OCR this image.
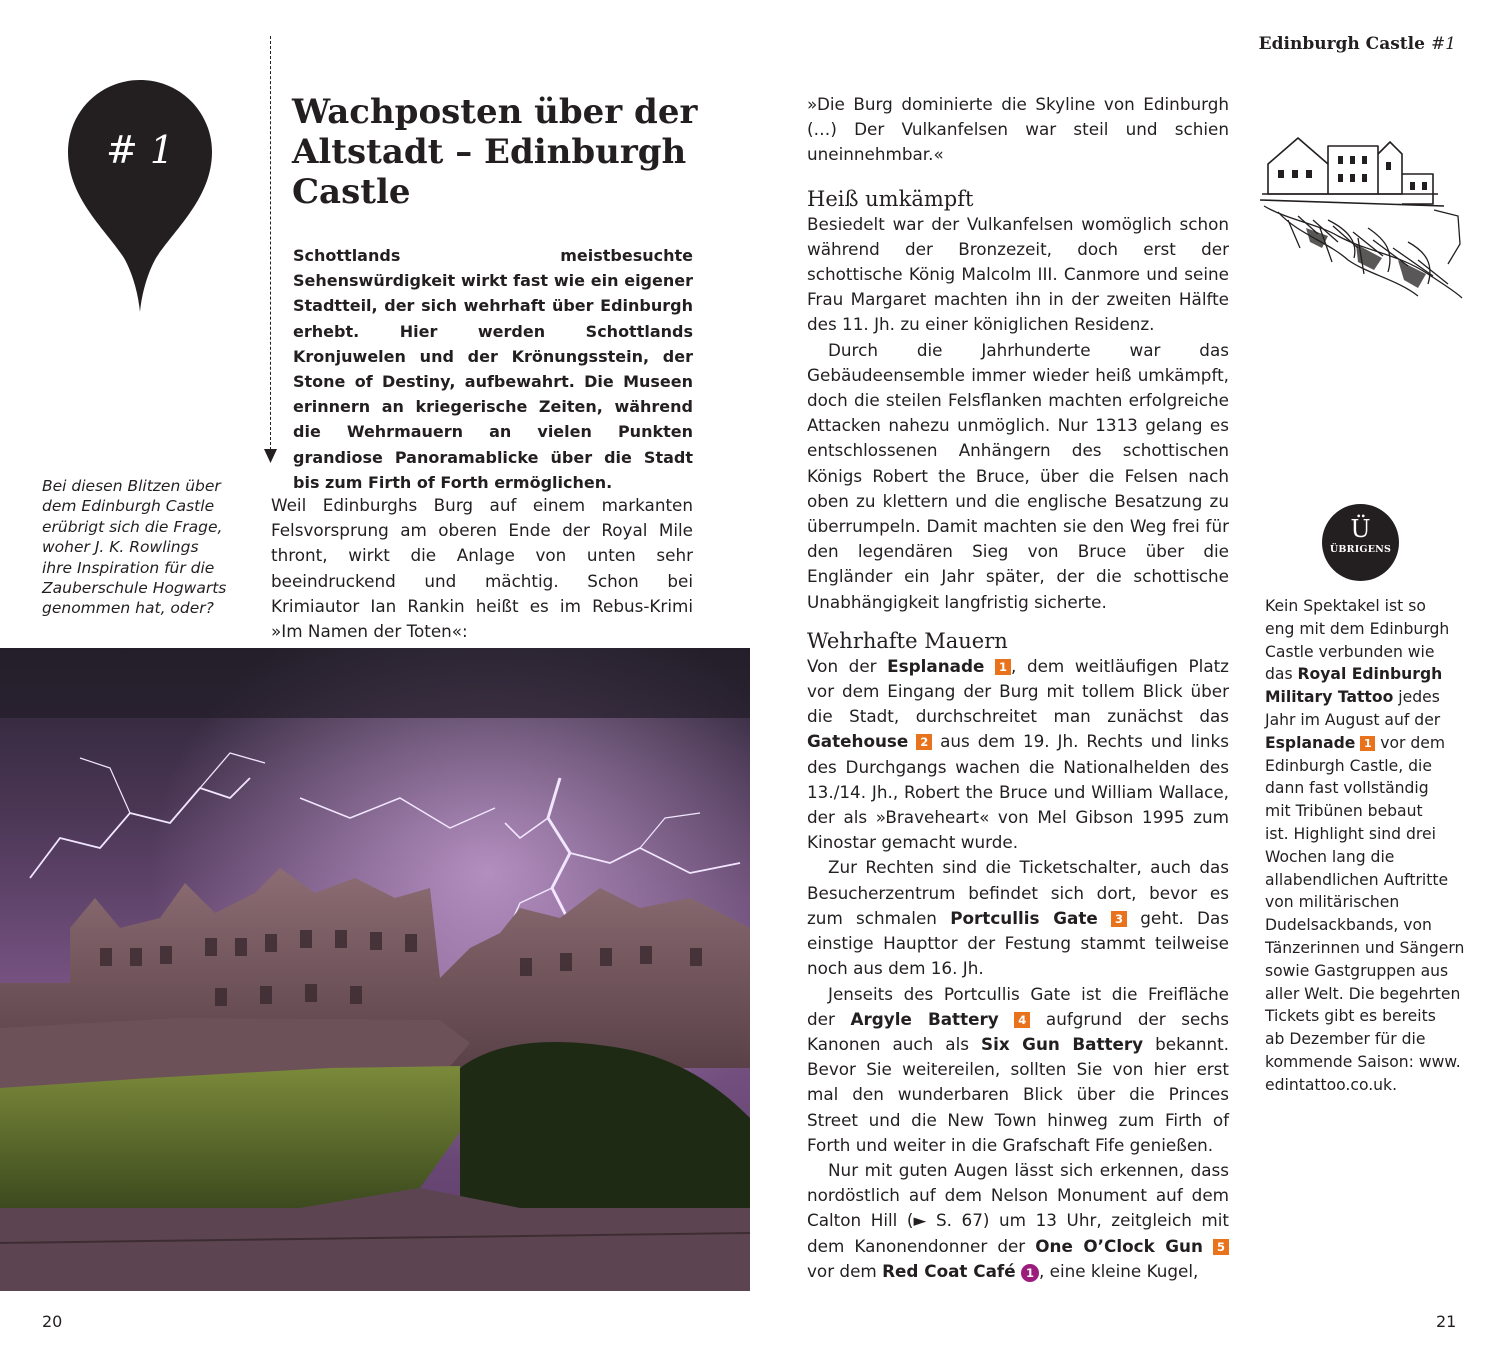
Edinburgh Castle #1
# 1
Bei diesen Blitzen über
dem Edinburgh Castle
erübrigt sich die Frage,
woher J. K. Rowlings
ihre Inspiration für die
Zauberschule Hogwarts
genommen hat, oder?
Wachposten über der
Altstadt – Edinburgh
Castle

Schottlands meistbesuchte Sehenswürdigkeit wirkt fast wie ein eigener Stadtteil, der sich wehrhaft über Edinburgh erhebt. Hier werden Schottlands Kronjuwelen und der Krönungsstein, der Stone of Destiny, aufbewahrt. Die Museen erinnern an kriegerische Zeiten, während die Wehrmauern an vielen Punkten grandiose Panoramablicke über die Stadt bis zum Firth of Forth ermöglichen.

Weil Edinburghs Burg auf einem markanten Felsvorsprung am oberen Ende der Royal Mile thront, wirkt die Anlage von unten sehr beeindruckend und mächtig. Schon bei Krimiautor Ian Rankin heißt es im Rebus-Krimi »Im Namen der Toten«:

»Die Burg dominierte die Skyline von Edinburgh (…) Der Vulkanfelsen war steil und schien uneinnehmbar.«

Heiß umkämpft

Besiedelt war der Vulkanfelsen womöglich schon während der Bronzezeit, doch erst der schottische König Malcolm III. Canmore und seine Frau Margaret machten ihn in der zweiten Hälfte des 11. Jh. zu einer königlichen Residenz.

Durch die Jahrhunderte war das Gebäudeensemble immer wieder heiß umkämpft, doch die steilen Felsflanken machten erfolgreiche Attacken nahezu unmöglich. Nur 1313 gelang es entschlossenen Anhängern des schottischen Königs Robert the Bruce, über die Felsen nach oben zu klettern und die englische Besatzung zu überrumpeln. Damit machten sie den Weg frei für den legendären Sieg von Bruce über die Engländer ein Jahr später, der die schottische Unabhängigkeit langfristig sicherte.

Wehrhafte Mauern

Von der Esplanade 1 , dem weitläufigen Platz vor dem Eingang der Burg mit tollem Blick über die Stadt, durchschreitet man zunächst das Gatehouse 2 aus dem 19. Jh. Rechts und links des Durchgangs wachen die Nationalhelden des 13./14. Jh., Robert the Bruce und William Wallace, der als »Braveheart« von Mel Gibson 1995 zum Kinostar gemacht wurde.

Zur Rechten sind die Ticketschalter, auch das Besucherzentrum befindet sich dort, bevor es zum schmalen Portcullis Gate 3 geht. Das einstige Haupttor der Festung stammt teilweise noch aus dem 16. Jh.

Jenseits des Portcullis Gate ist die Freifläche der Argyle Battery 4 aufgrund der sechs Kanonen auch als Six Gun Battery bekannt. Bevor Sie weitereilen, sollten Sie von hier erst mal den wunderbaren Blick über die Princes Street und die New Town hinweg zum Firth of Forth und weiter in die Grafschaft Fife genießen.

Nur mit guten Augen lässt sich erkennen, dass nordöstlich auf dem Nelson Monument auf dem Calton Hill (► S. 67) um 13 Uhr, zeitgleich mit dem Kanonendonner der One O’Clock Gun 5 vor dem Red Coat Café 1 , eine kleine Kugel,

Ü
ÜBRIGENS
Kein Spektakel ist so
eng mit dem Edinburgh
Castle verbunden wie
das Royal Edinburgh
Military Tattoo jedes
Jahr im August auf der
Esplanade 1 vor dem
Edinburgh Castle, die
dann fast vollständig
mit Tribünen bebaut
ist. Highlight sind drei
Wochen lang die
allabendlichen Auftritte
von militärischen
Dudelsackbands, von
Tänzerinnen und Sängern
sowie Gastgruppen aus
aller Welt. Die begehrten
Tickets gibt es bereits
ab Dezember für die
kommende Saison: www.
edintattoo.co.uk.
20	21
